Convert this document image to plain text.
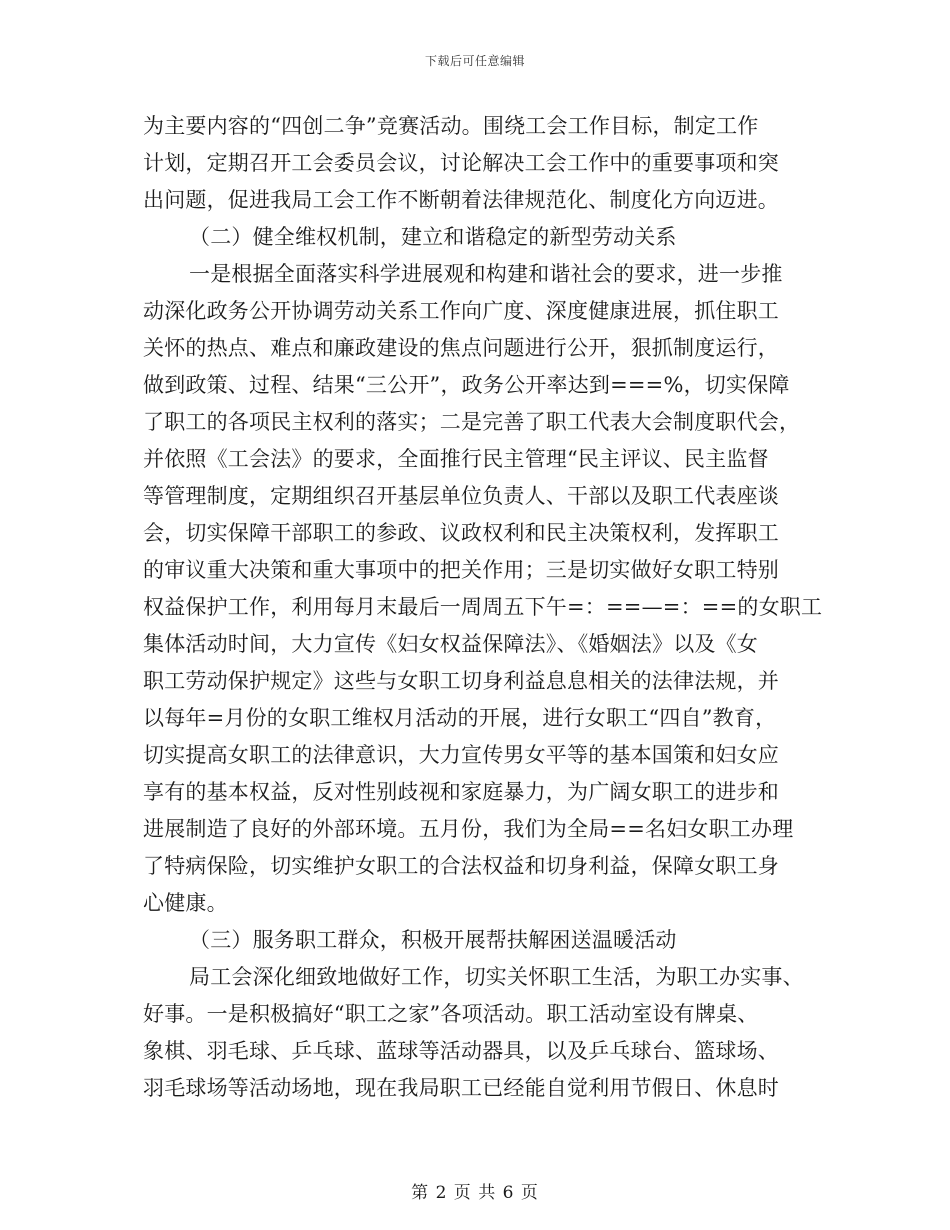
下载后可任意编辑
为主要内容的“四创二争”竞赛活动。围绕工会工作目标，制定工作
计划，定期召开工会委员会议，讨论解决工会工作中的重要事项和突
出问题，促进我局工会工作不断朝着法律规范化、制度化方向迈进。
（二）健全维权机制，建立和谐稳定的新型劳动关系
一是根据全面落实科学进展观和构建和谐社会的要求，进一步推
动深化政务公开协调劳动关系工作向广度、深度健康进展，抓住职工
关怀的热点、难点和廉政建设的焦点问题进行公开，狠抓制度运行，
做到政策、过程、结果“三公开”，政务公开率达到===%，切实保障
了职工的各项民主权利的落实；二是完善了职工代表大会制度职代会，
并依照《工会法》的要求，全面推行民主管理“民主评议、民主监督
等管理制度，定期组织召开基层单位负责人、干部以及职工代表座谈
会，切实保障干部职工的参政、议政权利和民主决策权利，发挥职工
的审议重大决策和重大事项中的把关作用；三是切实做好女职工特别
权益保护工作，利用每月末最后一周周五下午=：==—=：==的女职工
集体活动时间，大力宣传《妇女权益保障法》、《婚姻法》以及《女
职工劳动保护规定》这些与女职工切身利益息息相关的法律法规，并
以每年=月份的女职工维权月活动的开展，进行女职工“四自”教育，
切实提高女职工的法律意识，大力宣传男女平等的基本国策和妇女应
享有的基本权益，反对性别歧视和家庭暴力，为广阔女职工的进步和
进展制造了良好的外部环境。五月份，我们为全局==名妇女职工办理
了特病保险，切实维护女职工的合法权益和切身利益，保障女职工身
心健康。
（三）服务职工群众，积极开展帮扶解困送温暖活动
局工会深化细致地做好工作，切实关怀职工生活，为职工办实事、
好事。一是积极搞好“职工之家”各项活动。职工活动室设有牌桌、
象棋、羽毛球、乒乓球、蓝球等活动器具，以及乒乓球台、篮球场、
羽毛球场等活动场地，现在我局职工已经能自觉利用节假日、休息时
第 2 页 共 6 页
